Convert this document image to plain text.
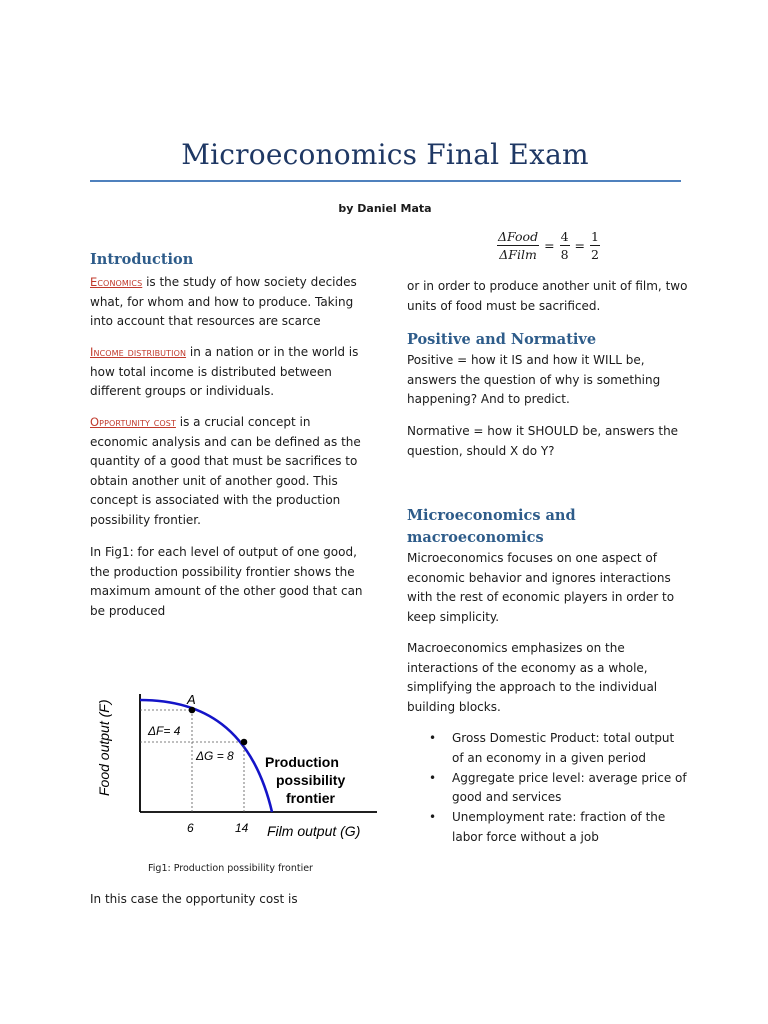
Microeconomics Final Exam
by Daniel Mata
Introduction
Economics is the study of how society decides what, for whom and how to produce. Taking into account that resources are scarce
Income distribution in a nation or in the world is how total income is distributed between different groups or individuals.
Opportunity cost is a crucial concept in economic analysis and can be defined as the quantity of a good that must be sacrifices to obtain another unit of another good. This concept is associated with the production possibility frontier.
In Fig1: for each level of output of one good, the production possibility frontier shows the maximum amount of the other good that can be produced
Food output (F)	A
ΔF= 4
ΔG = 8 Production
possibility
frontier
6	14 Film output (G)
Fig1: Production possibility frontier
In this case the opportunity cost is
$\frac{\text{ΔFood}}{\text{ΔFilm}} = \frac{4}{8} = \frac{1}{2}$
or in order to produce another unit of film, two units of food must be sacrificed.
Positive and Normative
Positive = how it IS and how it WILL be, answers the question of why is something happening? And to predict.
Normative = how it SHOULD be, answers the question, should X do Y?
Microeconomics and
macroeconomics
Microeconomics focuses on one aspect of economic behavior and ignores interactions with the rest of economic players in order to keep simplicity.
Macroeconomics emphasizes on the interactions of the economy as a whole, simplifying the approach to the individual building blocks.
• Gross Domestic Product: total output of an economy in a given period
• Aggregate price level: average price of good and services
• Unemployment rate: fraction of the labor force without a job
